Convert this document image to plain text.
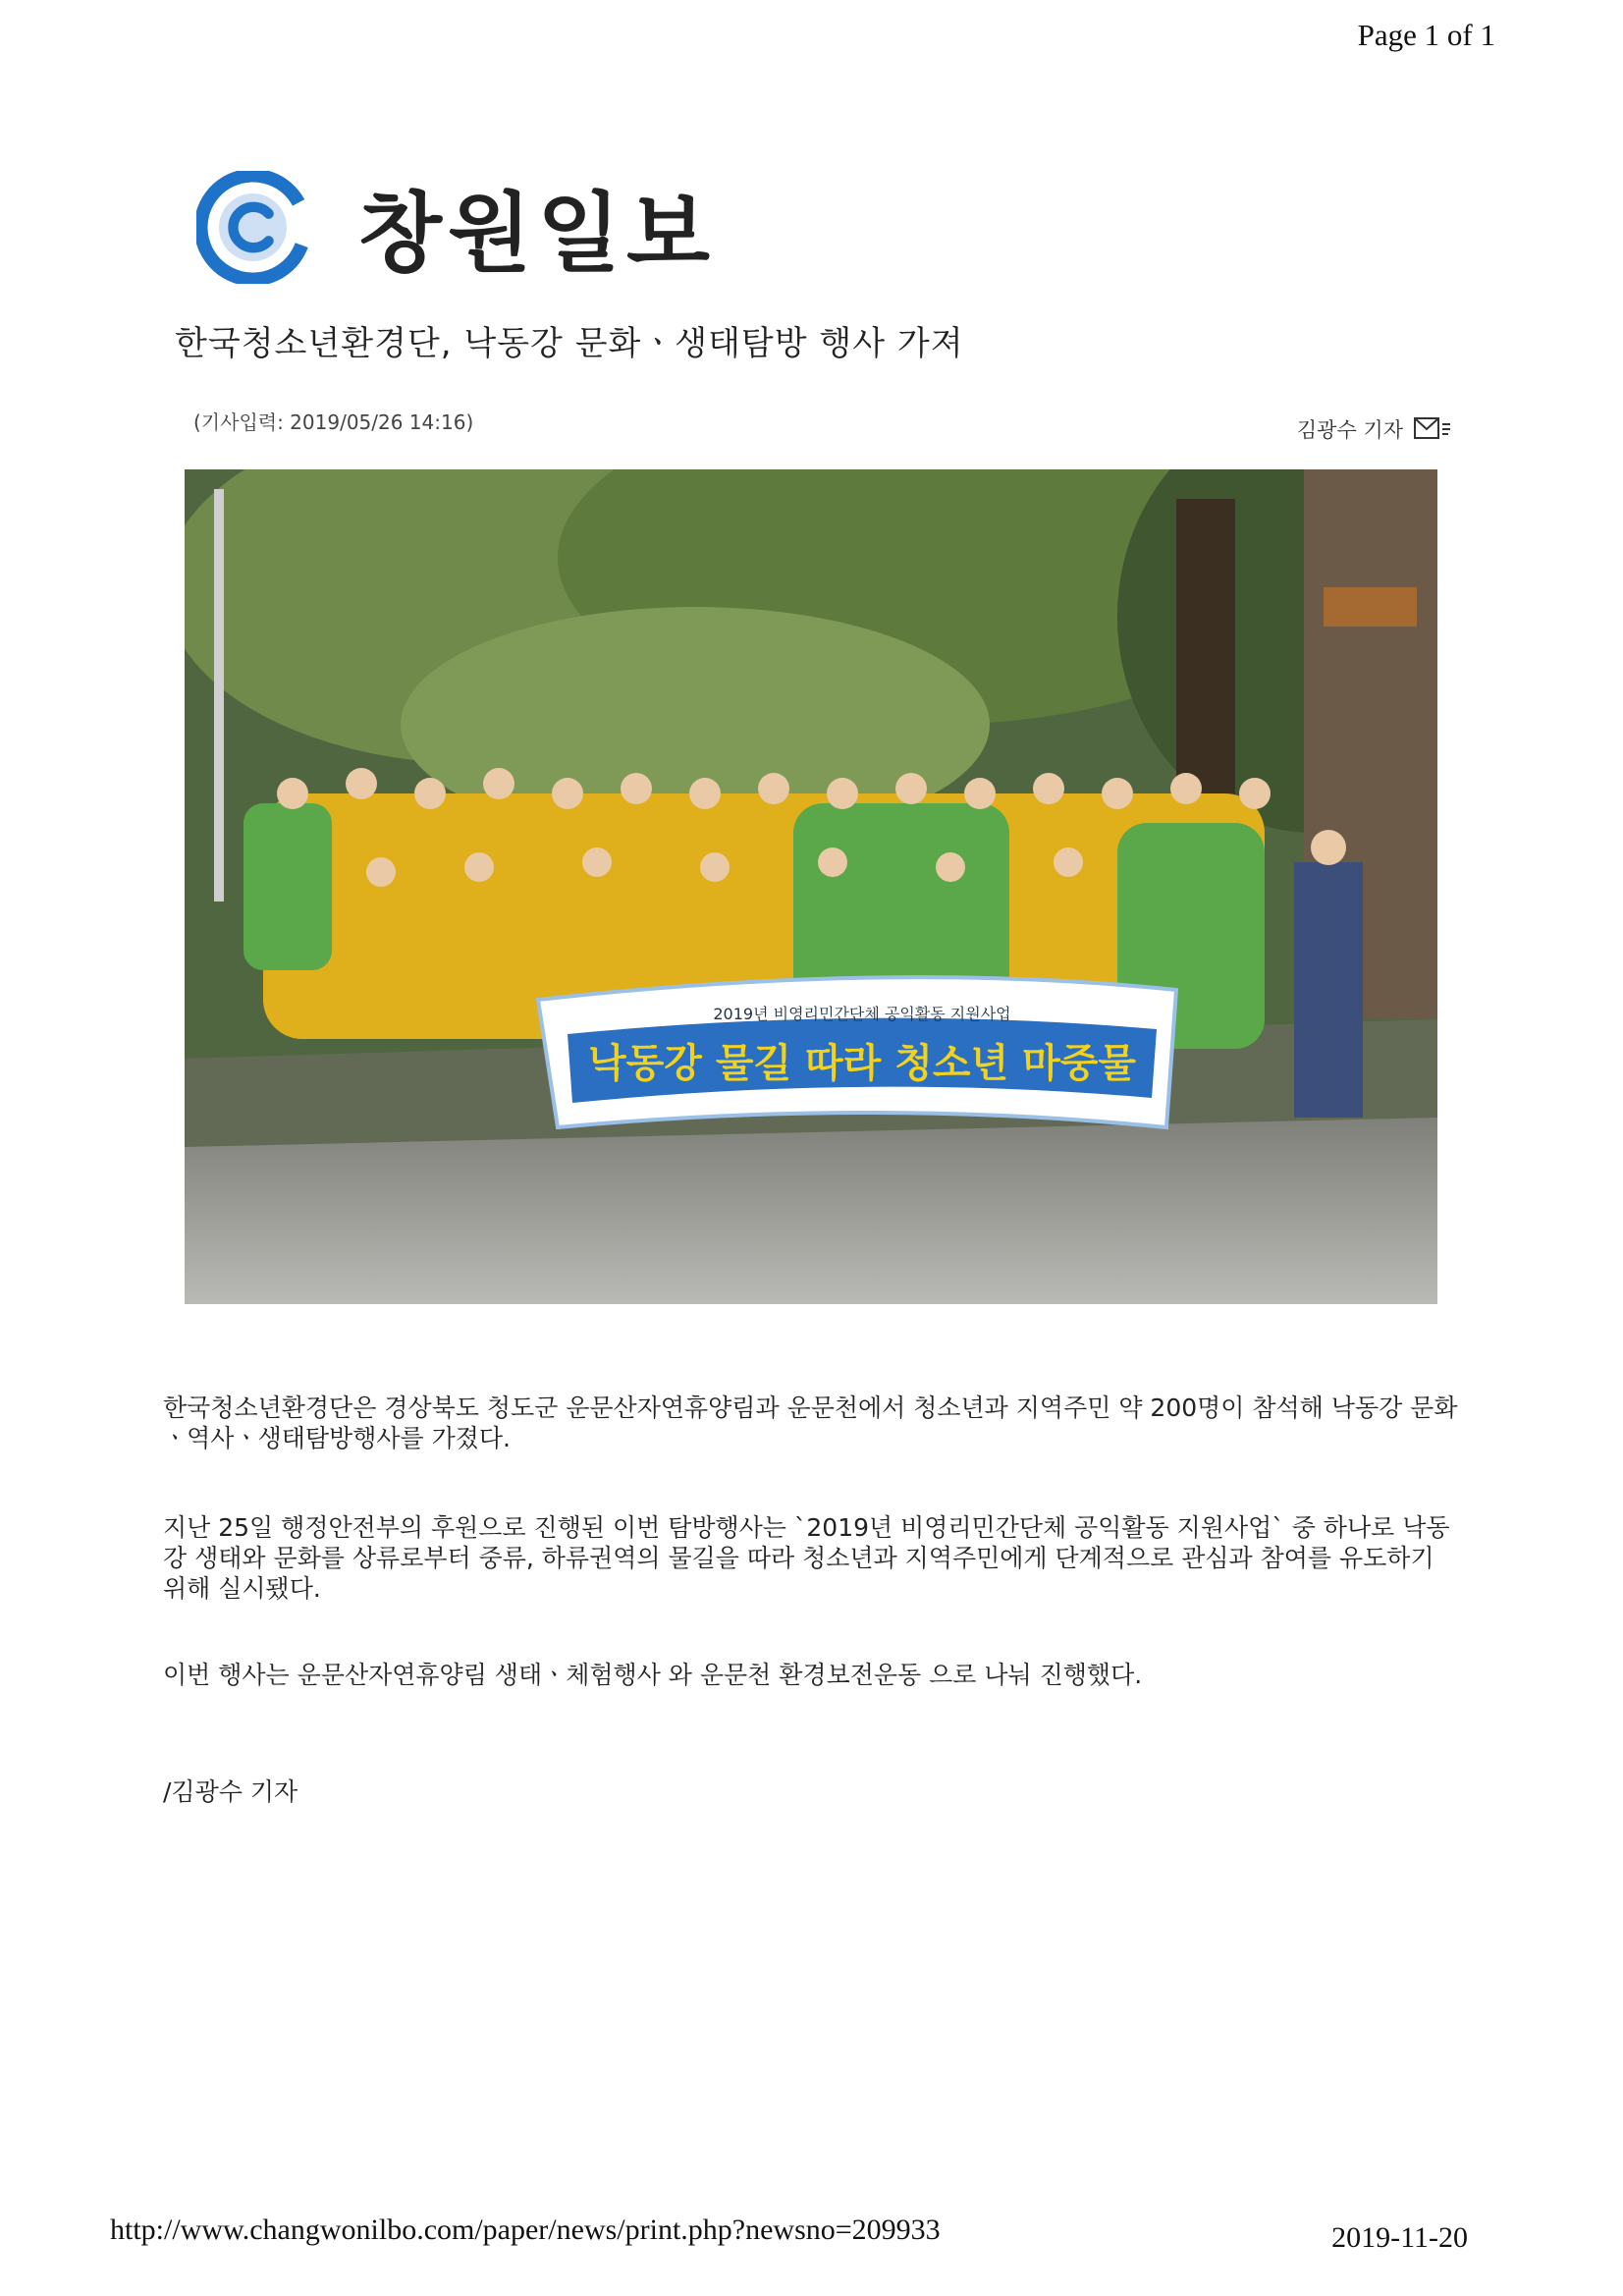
Page 1 of 1
창원일보
한국청소년환경단, 낙동강 문화ㆍ생태탐방 행사 가져
(기사입력: 2019/05/26 14:16)	김광수 기자
2019년 비영리민간단체 공익활동 지원사업
낙동강 물길 따라 청소년 마중물
한국청소년환경단은 경상북도 청도군 운문산자연휴양림과 운문천에서 청소년과 지역주민 약 200명이 참석해 낙동강 문화ㆍ역사ㆍ생태탐방행사를 가졌다.
지난 25일 행정안전부의 후원으로 진행된 이번 탐방행사는 `2019년 비영리민간단체 공익활동 지원사업` 중 하나로 낙동강 생태와 문화를 상류로부터 중류, 하류권역의 물길을 따라 청소년과 지역주민에게 단계적으로 관심과 참여를 유도하기 위해 실시됐다.
이번 행사는 운문산자연휴양림 생태ㆍ체험행사 와 운문천 환경보전운동 으로 나눠 진행했다.
/김광수 기자
http://www.changwonilbo.com/paper/news/print.php?newsno=209933	2019-11-20
